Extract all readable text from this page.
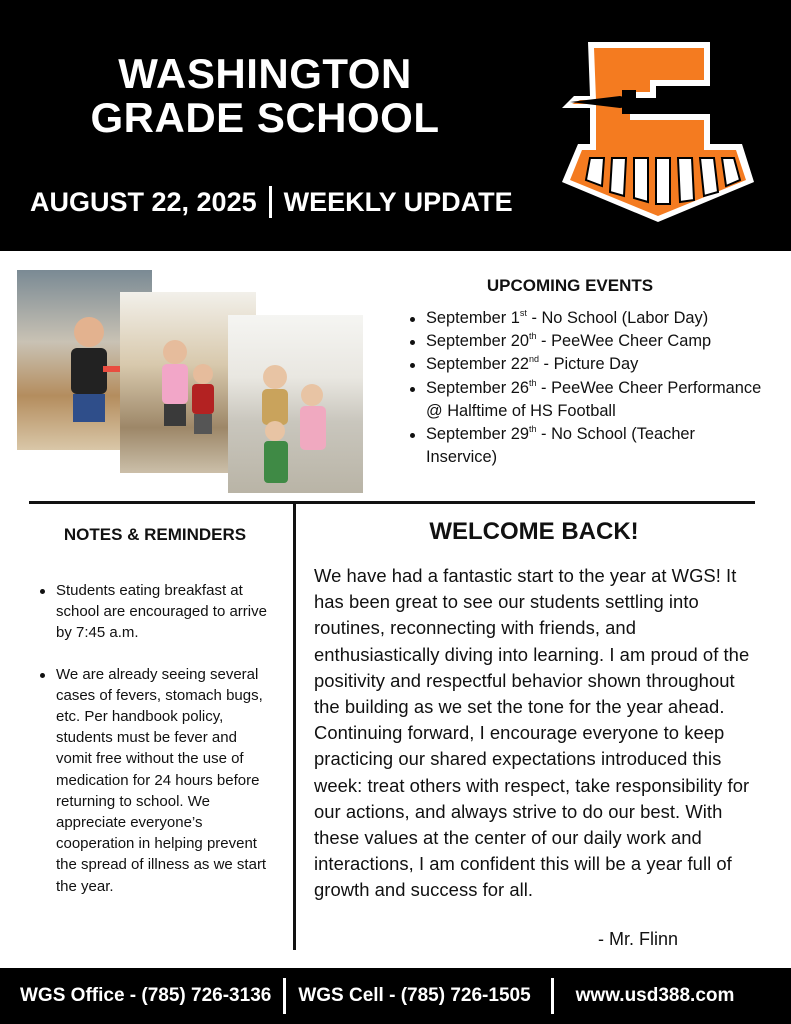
WASHINGTON
GRADE SCHOOL
AUGUST 22, 2025 WEEKLY UPDATE
UPCOMING EVENTS
September 1st - No School (Labor Day)
September 20th - PeeWee Cheer Camp
September 22nd - Picture Day
September 26th - PeeWee Cheer Performance @ Halftime of HS Football
September 29th - No School (Teacher Inservice)
NOTES & REMINDERS
Students eating breakfast at school are encouraged to arrive by 7:45 a.m.
We are already seeing several cases of fevers, stomach bugs, etc. Per handbook policy, students must be fever and vomit free without the use of medication for 24 hours before returning to school. We appreciate everyone’s cooperation in helping prevent the spread of illness as we start the year.
WELCOME BACK!

We have had a fantastic start to the year at WGS! It has been great to see our students settling into routines, reconnecting with friends, and enthusiastically diving into learning. I am proud of the positivity and respectful behavior shown throughout the building as we set the tone for the year ahead. Continuing forward, I encourage everyone to keep practicing our shared expectations introduced this week: treat others with respect, take responsibility for our actions, and always strive to do our best. With these values at the center of our daily work and interactions, I am confident this will be a year full of growth and success for all.

- Mr. Flinn
WGS Office - (785) 726-3136 WGS Cell - (785) 726-1505 www.usd388.com
